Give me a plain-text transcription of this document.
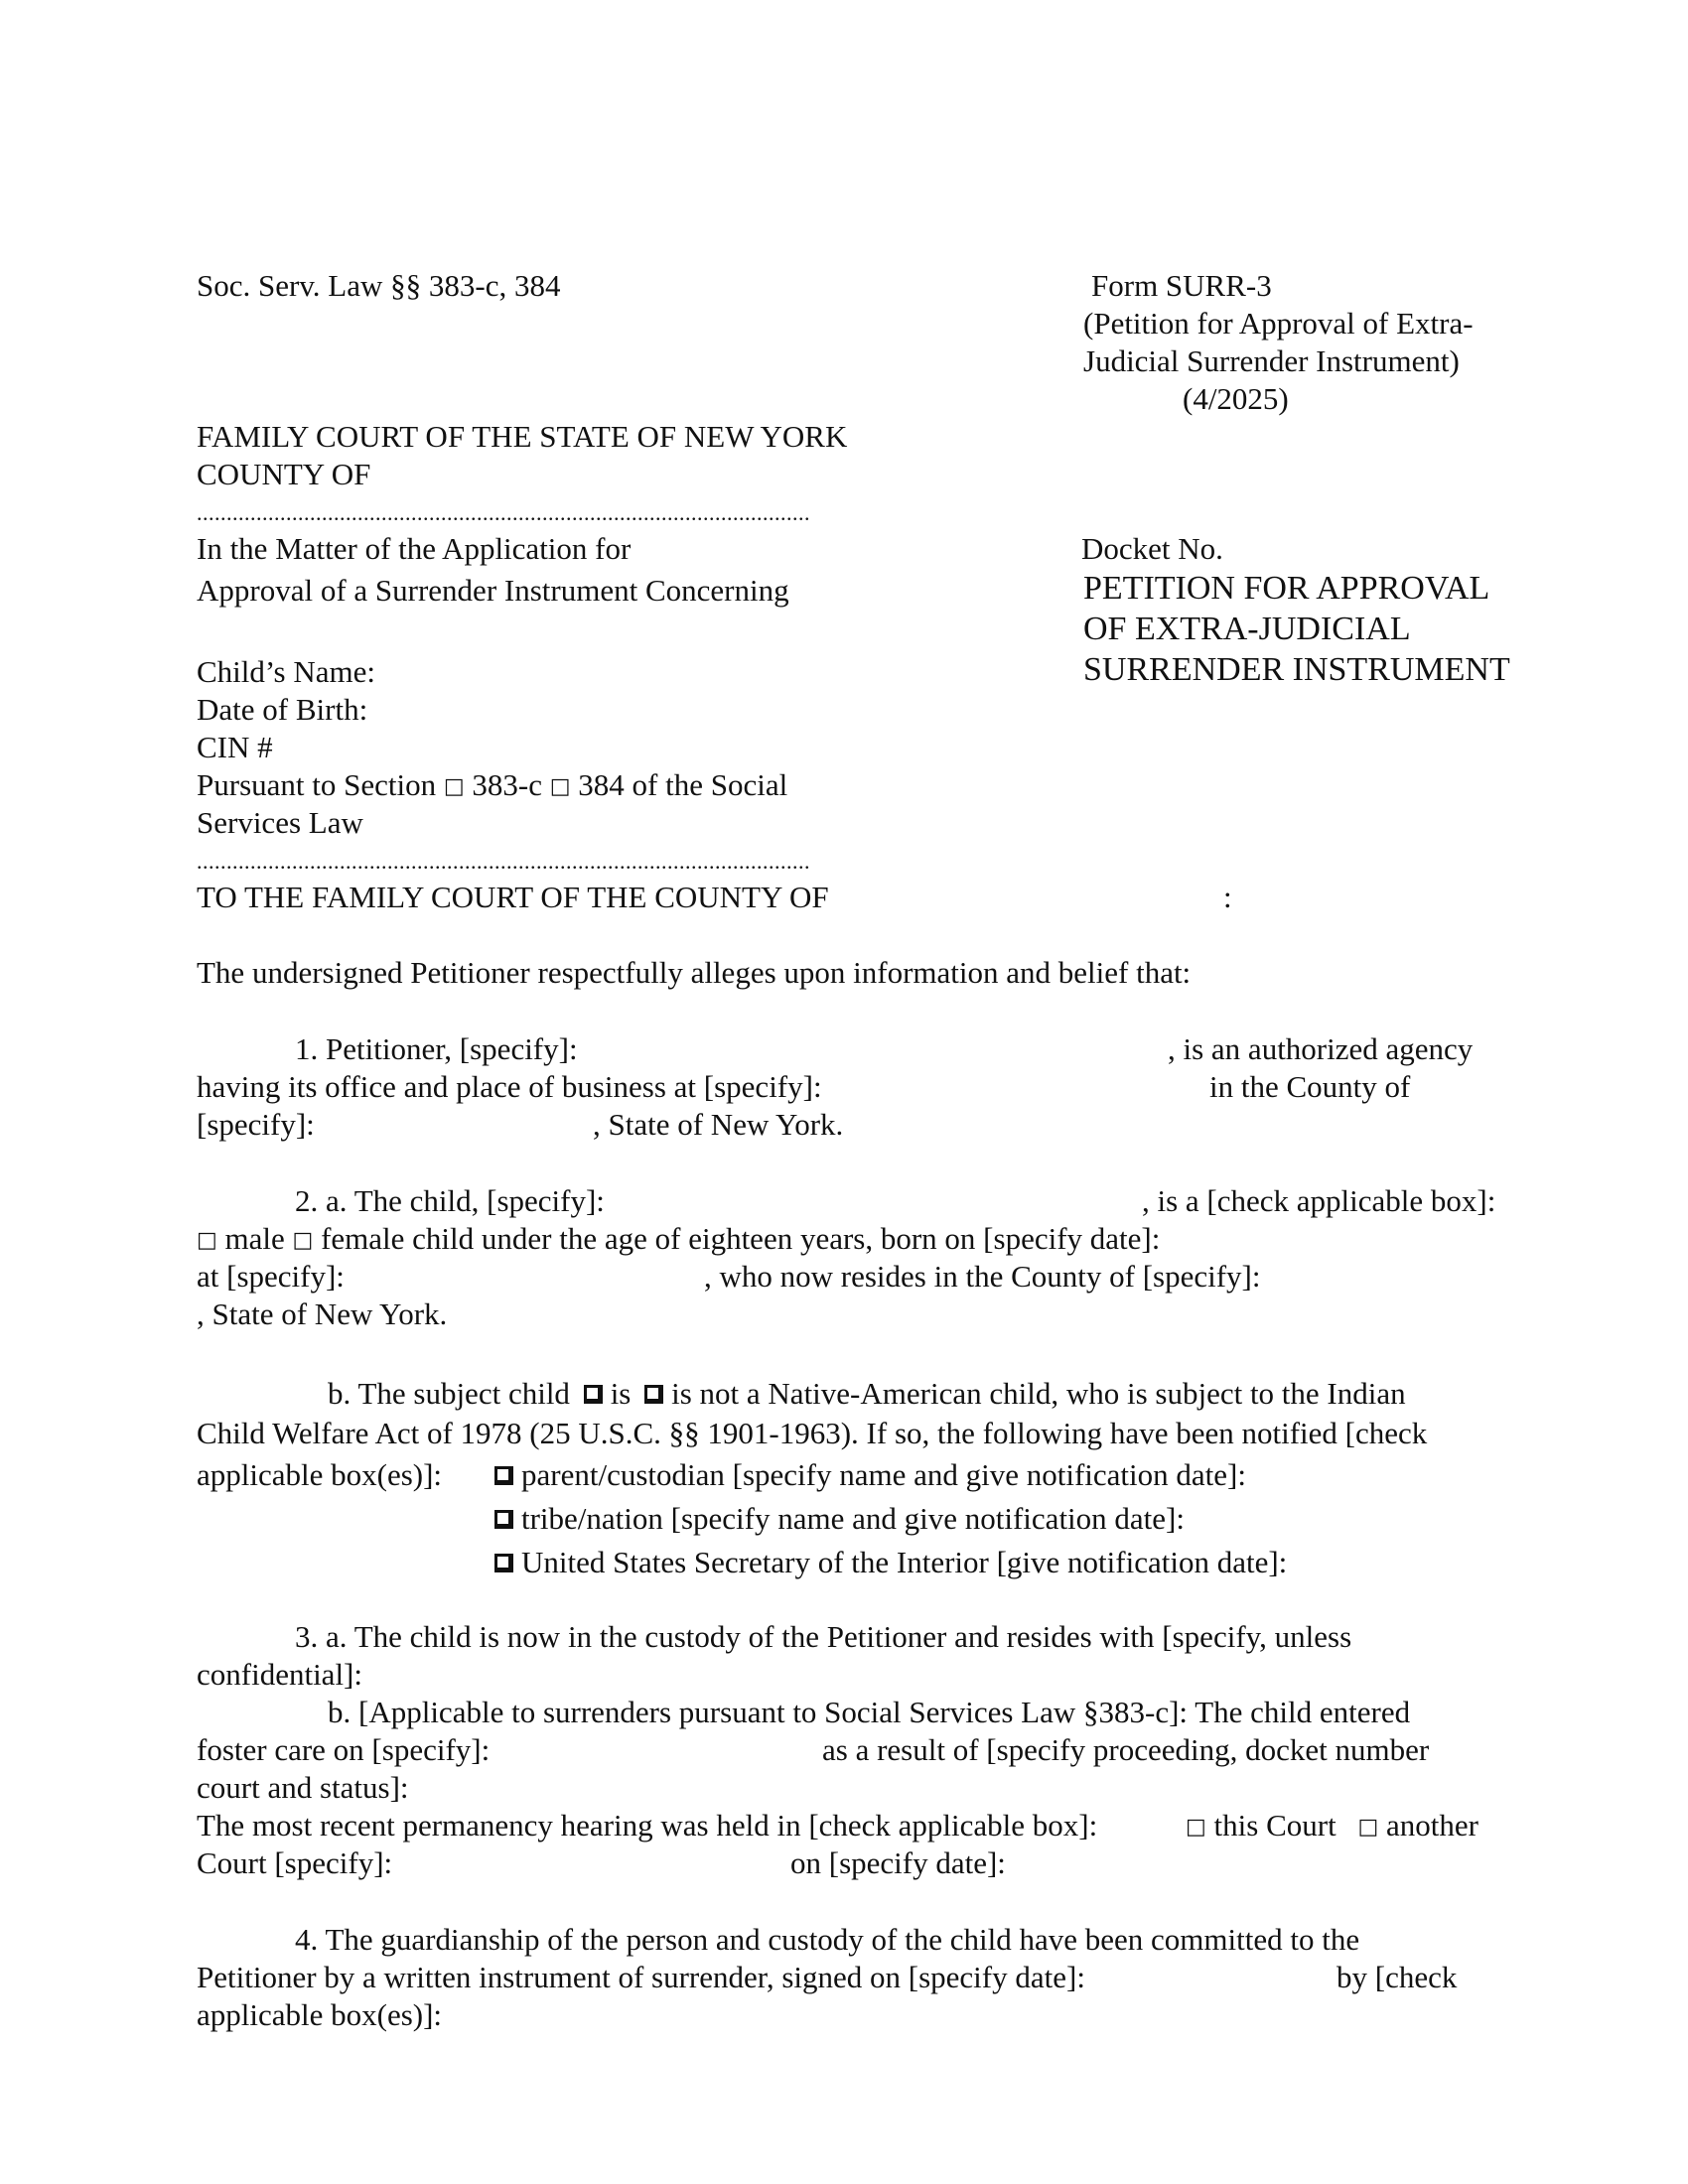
Soc. Serv. Law §§ 383-c, 384	Form SURR-3
(Petition for Approval of Extra-
Judicial Surrender Instrument)
(4/2025)
FAMILY COURT OF THE STATE OF NEW YORK
COUNTY OF
.......................................................................................................
In the Matter of the Application for
Approval of a Surrender Instrument Concerning
Docket No.
PETITION FOR APPROVAL
OF EXTRA-JUDICIAL
SURRENDER INSTRUMENT
Child’s Name:
Date of Birth:
CIN #
Pursuant to Section □ 383-c □ 384 of the Social
Services Law
.......................................................................................................
TO THE FAMILY COURT OF THE COUNTY OF	:
The undersigned Petitioner respectfully alleges upon information and belief that:
1. Petitioner, [specify]:	, is an authorized agency
having its office and place of business at [specify]:	in the County of
[specify]:	, State of New York.
2. a. The child, [specify]:	, is a [check applicable box]:
□ male □ female child under the age of eighteen years, born on [specify date]:
at [specify]:	, who now resides in the County of [specify]:
, State of New York.
b. The subject child is is not a Native-American child, who is subject to the Indian
Child Welfare Act of 1978 (25 U.S.C. §§ 1901-1963). If so, the following have been notified [check
applicable box(es)]:	parent/custodian [specify name and give notification date]:
tribe/nation [specify name and give notification date]:
United States Secretary of the Interior [give notification date]:
3. a. The child is now in the custody of the Petitioner and resides with [specify, unless
confidential]:
b. [Applicable to surrenders pursuant to Social Services Law §383-c]: The child entered
foster care on [specify]:	as a result of [specify proceeding, docket number
court and status]:
The most recent permanency hearing was held in [check applicable box]:	□ this Court □ another
Court [specify]:	on [specify date]:
4. The guardianship of the person and custody of the child have been committed to the
Petitioner by a written instrument of surrender, signed on [specify date]:	by [check
applicable box(es)]:
